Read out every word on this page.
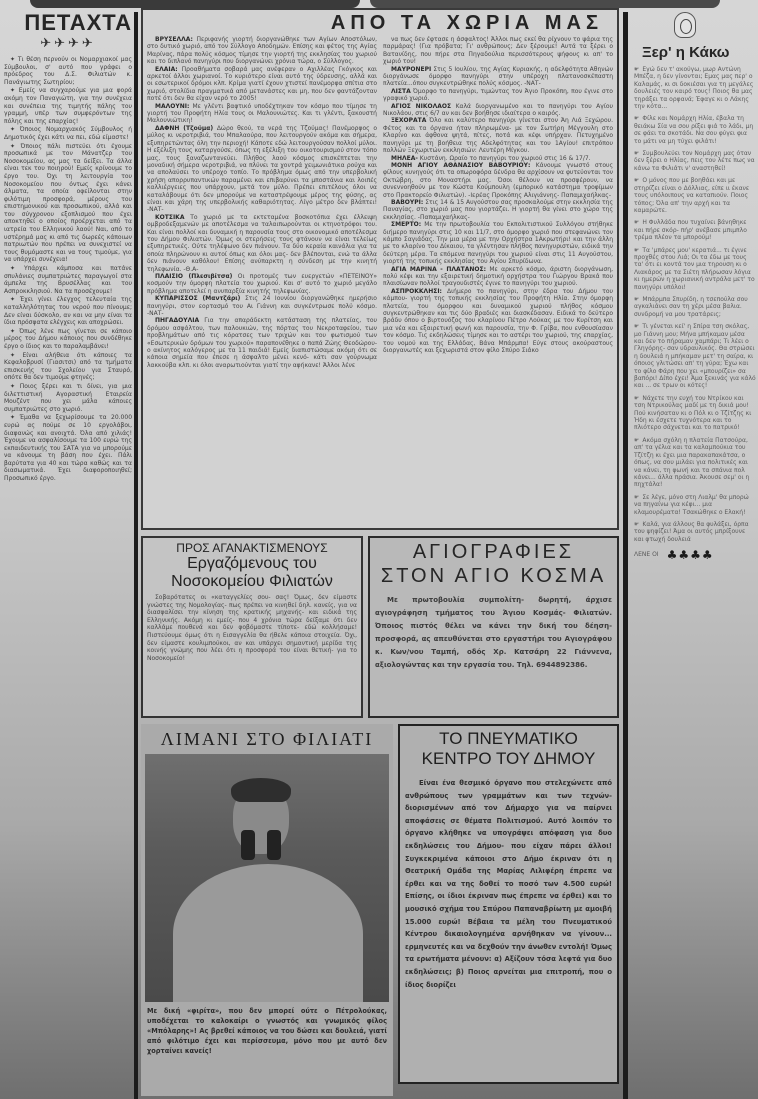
ΠΕΤΑΧΤΑ
✈✈✈✈

✦ Τι θέση περνούν οι Νομαρχιακοί μας Σύμβουλοι, σ' αυτό που γράφει ο πρόεδρος του Δ.Σ. Φιλιατών κ. Πανάγιωτης Σωτηρίου;

✦ Εμείς να συγχαρούμε για μια φορά ακόμη τον Παναγιώτη, για την συνέχεια και συνέπεια της τιμητής πάλης του γραμμή, υπέρ των συμφερόντων της πόλης και της επαρχίας!

✦ Όποιος Νομαρχιακός Σύμβουλος ή Δημοτικός έχει κάτι να πει, εδώ είμαστε!

✦ Όποιος πάλι πιστεύει ότι έχουμε προσωπικά με τον Μάνατζερ του Νοσοκομείου, ας μας τα δείξει. Τα άλλα είναι τεκ του ποιηρού! Εμείς κρίνουμε το έργο του. Όχι τη λειτουργία του Νοσοκομείου που όντως έχει κάνει άλματα, τα οποία οφείλονται στην φιλότιμη προσφορά, μέρους του επιστημονικού και προσωπικού, αλλά και του σύγχρονου εξοπλισμού που έχει αποκτηθεί ο οποίος προέρχεται από τα ιατρεία του Ελληνικού λαού! Ναι, από το υστέρημά μας κι από τις δωρεές κάποιων πατριωτών που πρέπει να συνεχιστεί να τους θυμόμαστε και να τους τιμούμε, για να υπάρχει συνέχεια!

✦ Υπάρχει κάμποσα και πατάνε σπυλάνιες συμπατριώτες παραγωγοί στα άμπελα της Βρυσέλλας και του Ασπροκκλησιού. Να τα προσέχουμε!

✦ Έχει γίνει έλεγχος τελευταία της καταλληλότητας του νερού που πίνουμε; Δεν είναι δύσκολο, αν και να μην είναι τα ίδια πρόσφατα ελέγχεις και αποχρώσει.

✦ Όπως λένε πως γίνεται σε κάποιο μέρος του Δήμου κάποιος που συνδέθηκε έργο ο ίδιος και το παραλαμβάνει!

✦ Είναι αλήθεια ότι κάποιες τα Κεφαλοβρυσί (Γιασιτσι) από τα τμήματα επισκευής του Σχολείου για Σταυρό, οπότε θα δεν τιμούμε φτηνές;

✦ Ποιος ξέρει και τι δίνει, για μια διλεττιστική Αγοραστική Εταιρεία Μουζέντ που χει μάλα κάποιες συμπατριώτες στο χωριό.

✦ Έμαθα να ξεχωρίσουμε τα 20.000 ευρώ ας πούμε σε 10 εργολάβοι, διαφανώς και ανοιχτά. Όλα από χιλιάς! Έχουμε να ασφαλίσουμε τα 100 ευρώ της εκπαιδευτικής του ΣΑΤΑ για να μπορούμε να κάνουμε τη βάση που έχει. Πάλι βαρύτατα για 40 και τώρα καθώς και τα διασωματικά. Έχει διαφοροποιηθεί; Προσωπικό έργο.

ΑΠΟ ΤΑ ΧΩΡΙΑ ΜΑΣ

ΒΡΥΣΕΛΛΑ: Περιφανής γιορτή διοργανώθηκε των Αγίων Αποστόλων, στο δυτικό χωριό, από τον Σύλλογο Αποδημών. Επίσης και φέτος της Αγίας Μαρίνας, πάρα πολύς κόσμος τίμησε την γιορτή της εκκλησίας του χωριού και το διπλανό πανηγύρι που διοργανώνει χρόνια τώρα, ο Σύλλογος.

ΕΛΑΙΑ: Προαθήματα σοβαρά μας ανέφεραν ο Αχιλλέας Γκόγκος και αρκετοί άλλοι χωριανοί. Το κυριότερο είναι αυτό της ύδρευσης, αλλά και οι εσωτερικοί δρόμοι κλπ. Κρίμα γιατί έχουν χτιστεί πανέμορφα σπίτια στο χωριό, στολίδια πραγματικά από μετανάστες και μη, που δεν φαντάζονταν ποτέ ότι δεν θα είχαν νερό το 2005!

ΜΑΛΟΥΝΙ: Με γλέντι βαφτικό υποδέχτηκαν τον κόσμο που τίμησε τη γιορτή του Προφήτη Ηλία τους οι Μαλουνιώτες. Και τι γλέντι, ξακουστή Μαλουνιώτικη!

ΔΑΦΝΗ (Τζούμα) Δώρο θεού, τα νερά της Τζούμας! Πανέμορφος ο μύλος κι νεροτριβιά, του Μπαλαούρα, που λειτουργούν ακόμα και σήμερα, εξυπηρετώντας όλη την περιοχή! Κάποτε εδώ λειτουργούσαν πολλοί μύλοι. Η εξέλιξη τους καταργούσε, όπως τη εξέλιξη του οικοτουρισμού στον τόπο μας, τους ξαναζωντανεύει. Πλήθος λαού κόσμος επισκέπτεται την μοναδική σήμερα νεροτριβιά, να πλύνει τα χοντρά χειμωνιάτικα ρούχα και να απολαύσει το υπέροχο τοπίο. Το πρόβλημα όμως από την υπερβολική χρήση απορρυπαντικών παραμένει και επιβαρύνει τα μποστάνια και λοιπές καλλιέργειες που υπάρχουν, μετά τον μύλο. Πρέπει επιτέλους όλοι να καταλάβουμε ότι δεν μπορούμε να καταστρέψουμε μέρος της φύσης, ας είναι και χάρη της υπερβολικής καθαριότητας. Λίγο μέτρο δεν βλάπτει! -ΝΑΤ-

ΚΟΤΣΙΚΑ Το χωριό με τα εκτεταμένα βοσκοτόπια έχει έλλειψη ομβροδεξαμενών με αποτέλεσμα να ταλαιπωρούνται οι κτηνοτρόφοι του. Και είναι πολλοί και δυναμική η παρουσία τους στο οικονομικό αποτέλεσμα του Δήμου Φιλιατών. Όμως οι στερήσεις τους φτάνουν να είναι τελείως εξυπηρετικές. Ούτε τηλέφωνο δεν πιάνουν. Τα δύο κεραία καινάλια για τα οποία πληρώνουν κι αυτοί όπως και όλοι μας- δεν βλέπονται, ενώ τα άλλα δεν πιάνουν καθόλου! Επίσης ανύπαρκτη η σύνδεση με την κινητή τηλεφωνία. -Θ.Α-

ΠΛΑΙΣΙΟ (Πλεσιβίτσα) Οι προτομές των ευεργετών «ΠΕΤΕΙΝΟΥ» κοσμούν την όμορφη πλατεία του χωριού. Και σ' αυτό το χωριό μεγάλο πρόβλημα αποτελεί η ανυπαρξία κινητής τηλεφωνίας.

ΚΥΠΑΡΙΣΣΟΣ (Μαντζάρι) Στις 24 Ιουνίου διοργανώθηκε ημερήσιο πανηγύρι, στον εορτασμό του Αι Γιάννη και συγκέντρωσε πολύ κόσμο. -ΝΑΤ-

ΠΗΓΑΔΟΥΛΙΑ Για την απαράδεκτη κατάσταση της πλατείας, του δρόμου ασφάλτου, των παλουκιών, της πόρτας του Νεκροταφείου, των προβλημάτων από τις κόρατσες των τριχών και του φωτισμού των «Εσωτερικών δρόμων του χωριού» παραπονέθηκε ο παπά Ζώης Θεοδώρου- ο ακίνητος καλόγερος με τα 11 παιδιά! Εμείς διαπιστώσαμε ακόμη ότι σε κάποια σημεία που έπεσε η άσφαλτο μένει κενό- κάτι σαν γούρνωμα λακκούβα κλπ. κι όλοι αναρωτιούνται γιατί την αφήκανε! Άλλοι λένε

να πως δεν έφτασε η άσφαλτος! Άλλοι πως εκεί θα ρίχνουν το ψάρια της παρμάρας! (Για πρόβατα; Γι' ανθρώπους; Δεν ξέρουμε! Αυτά τα ξέρει ο Βατανίδης, που πήρε στα Πηγαδούλια περισσότερους ψήφους κι απ' το χωριό του!

ΜΑΥΡΟΝΕΡΙ Στις 5 Ιουλίου, της Αγίας Κυριακής, η αδελφότητα Αθηνών διοργάνωσε όμορφο πανηγύρι στην υπέροχη πλατανοσκέπαστη πλατεία...όπου συγκεντρώθηκε πολύς κόσμος. -ΝΑΤ-

ΛΙΣΤΑ Όμορφο το πανηγύρι, τιμώντας τον Άγιο Προκόπη, που έγινε στο γραφικό χωριό.

ΑΓΙΟΣ ΝΙΚΟΛΑΟΣ Καλά διοργανωμένο και το πανηγύρι του Αγίου Νικολάου, στις 6/7 αν και δεν βοήθησε ιδιαίτερα ο καιρός.

ΞΕΧΟΡΑΤΑ Όλο και καλύτερο πανηγύρι γίνεται στον Άη Λιά Ξεχώρου. Φέτος και τα όργανα ήταν πληρωμένα- με τον Σωτήρη Μέγγουλη στο Κλαρίνο και άφθονα ψητά, πίτες, ποτά και κέφι υπήρχαν. Πετυχημένο πανηγύρι με τη βοήθεια της Αδελφότητας και του 1Αγίου! επιτρόπου πολλών Ξεχωριτών εκκλησιών: Λευτέρη Μίγκου.

ΜΗΛΕΑ- Κυστάνη. Ωραίο το πανηγύρι του χωριού στις 16 & 17/7.

ΜΟΝΗ ΑΓΙΟΥ ΑΘΑΝΑΣΙΟΥ ΒΑΒΟΥΡΙΟΥ: Κάνουμε γνωστό στους φίλους κυνηγούς ότι τα οπωροφόρα δένδρα θα αρχίσουν να φυτεύονται τον Οκτώβρη, στο Μοναστήρι μας. Όσοι θέλουν να προσφέρουν, να συνεννοηθούν με τον Κώστα Κούμπουλη (εμπορικό κατάστημα τροφίμων στο Πρακτορείο Φιλιατών). -Ιερέας Προκόπης Αλιγιάννης- Παπαμιχαήλκας-

ΒΑΒΟΥΡΙ: Στις 14 & 15 Αυγούστου σας προσκαλούμε στην εκκλησία της Παναγίας, στο χωριό μας που γιορτάζει. Η γιορτή θα γίνει στο χώρο της εκκλησίας. -Παπαμιχαήλκας-

ΣΜΕΡΤΟ: Με την πρωτοβουλία του Εκπολιτιστικού Συλλόγου στήθηκε διήμερο πανηγύρι στις 10 και 11/7, στο όμορφο χωριό που στεφανώνει τον κάμπο Σαγιάδας. Την μια μέρα με την Ορχήστρα 1Ακρωτήρι! και την άλλη με το κλαρίνο του Δίκαιου, τα γλέντησαν πλήθος πανηγυριστών, ειδικά την δεύτερη μέρα. Τα επόμενα πανηγύρι του χωριού είναι στις 11 Αυγούστου, γιορτή της τοπικής εκκλησίας του Αγίου Σπυρίδωνα.

ΑΓΙΑ ΜΑΡΙΝΑ - ΠΛΑΤΑΝΟΣ: Με αρκετό κόσμο, άριστη διοργάνωση, πολύ κέφι και την εξαιρετική δημοτική ορχήστρα του Γιώργου Βρακά που πλαισίωναν πολλοί τραγουδιστές έγινε το πανηγύρι του χωριού.

ΑΣΠΡΟΚΚΛΗΣΙ: Διήμερο το πανηγύρι, στην έδρα του Δήμου του κάμπου- γιορτή της τοπικής εκκλησίας του Προφήτη Ηλία. Στην όμορφη πλατεία, του όμορφου και δυναμικού χωριού πλήθος κόσμου συγκεντρώθηκαν και τις δύο βραδιές και διασκέδασαν. Ειδικά το δεύτερο βράδυ όπου ο βιρτουόζος του κλαρίνου Πέτρο Λούκας με τον Κυρίτση και μια νέα και εξαιρετική φωνή και παρουσία, την Φ. Γρίβα, που ενθουσίασαν τον κόσμο. Τις εκδηλώσεις τίμησε και το αστέρι του χωριού, της επαρχίας, του νομού και της Ελλάδας, Βάνα Μπάρμπα! Εύγε στους ακούραστους διοργανωτές και ξεχωριστά στον φίλο Σπύρο Σιάκο

Ξερ' η Κάκω

☛ Εγώ δεν τ' ακούγω, μωρ Αντώνη Μπέζα, η δεν γίνονται; Εμας μας περ' ο Καλαμάς, κι σι δοκιέσαι για τη μεγάλες δουλειές τον καιρό τους! Ποιος θα μας τηράξει τα ορφανά; Έφαγε κι ο Λάκης την κότα...

☛ Φίλε και Νομάρχη Ηλία, έβαλα τη θειάκω Σία να σου ρίξει φιά το λάδι, μη σε φάει τα σκοτάδι. Να σου φύγει φια το μάτι να μη τύχει φιλάτι!

☛ Συμβουλεύει τον Νομάρχη μας όταν δεν ξέρει ο Ηλίας, πεις του λέτε πως να κάνω τα Φιλιάτι ν' αναστηθεί!

☛ Ο μόνος που με βοηθάει και με στηρίζει είναι ο Δόλλιας, είπε ιι έκανε τους υπόλοιπους να καταπιούν. Ποιος τόπος; Όλα απ' την αρχή και τα καμαρώτε.

☛ Η Φυλλάδα που τυχαίνει βάνηθηκε και πήρε σκόρ- πήρ' ανέβασε μπιμπλο τρέμα πλέον τα μπορούμ!

☛ Τα 'μπάρες μου' κερατιά... τι έγινε προχθές στου Λιά; Οι τα έδω με τους τα' ότι ει κοντά τον μια τηρουση κι ο Λιακάρος με τα Σιέτη πλήρωσαν λόγια κι ημερών η χωριανική αντράλα μετ' το πανηγύρι υπόλοι!

☛ Μπάρμπα Σπυρίδη, η τσεπούλα σου αγκαλιάνει σαν τη χέρι μέσα βαλια. συνδρομή να μου τρατάρεις;

☛ Τι γένεται κεί' η Σπίρα τση σκόλας, μο Γιάννη μου; Μήνα μπήκαμαν μέσα και δεν το πήραμαν χαμπάρι; Τι λέει ο Γληγόρης- σαν υδραυλικός. Θα στρώσει η δουλειά η μπήκαμαν μετ' τη σαίρα, κι όποιος γλιτώσει απ' τη γύρα; Έχω και το φίλο Φάρη που χει «μπουρίζει» σα βαπόρι! Δίπο έχει! Άμα ξεκινάς για κάλό και ... σε τρων οι κότες!

☛ Νάχετε την ευχή του Ντρίκου και τση Ντρικούλας μαδί με τη δικιά μου! Πού κινήσαταν κι ο Πόλ κι ο Τζίτζης κι Ήδη κι έσχετε τυχνότερα και το πλιότερο σάχνεται και το πατρικό!

☛ Ακόμα σχόλη η πλατεία Πατσούρα, απ' τα γέλια και τα καλαμπούκια του Τζίτζη κι έχει μια παρακαπακάτσα, ο όπως, να σου μιλάει για πολιτικές και να κάνει, τη φωνή και τα σπάνια πολ κάνει... άλλα πράσια. Άκουσε σεμ' οι η πηχτάλα!

☛ Σε λέγε, μόνο στη Λιαλμ' θα μπορώ να πηγαίνω για κέφι... μια κλαμουρέματα! Τσακώθηκε ο Ελακή!

☛ Καλά, για άλλους θα φυλάξει, όρπα του ψηφίζει! Άμα οι αυτός μπρίξουνε και φτωχή δουλειά

ΛΕΝΕ ΟΙ ♣♣♣♣
ΠΡΟΣ ΑΓΑΝΑΚΤΙΣΜΕΝΟΥΣ
Εργαζόμενους του
Νοσοκομείου Φιλιατών
Σοβαρότατες οι «καταγγελίες σου- σας! Όμως, δεν είμαστε γνώστες της Νομολογίας- πως πρέπει να κινηθεί δηλ. κανείς, για να διασφαλίσει την κίνηση της κρατικής μηχανής- και ειδικά της Ελληνικής. Ακόμη κι εμείς- που 4 χρόνια τώρα δείξαμε ότι δεν καλλάμε πουθενά και δεν φοβόμαστε τίποτε- εδώ κολλήσαμε! Πιστεύουμε όμως ότι η Εισαγγελία θα ήθελε κάποια στοιχεία. Όχι, δεν είμαστε κουλιμπούκοι, αν και υπάρχει σημαντική μερίδα της κοινής γνώμης που λέει ότι η προσφορά του είναι θετική- για το Νοσοκομείο!
ΑΓΙΟΓΡΑΦΙΕΣ
ΣΤΟΝ ΑΓΙΟ ΚΟΣΜΑ
Με πρωτοβουλία συμπολίτη- δωρητή, άρχισε αγιογράφηση τμήματος του Άγιου Κοσμάς- Φιλιατών. Όποιος πιστός θέλει να κάνει την δική του δέηση- προσφορά, ας απευθύνεται στο εργαστήρι του Αγιογράφου κ. Κων/νου Ταμπή, οδός Χρ. Κατσάρη 22 Γιάννενα, αξιολογώντας και την εργασία του. Τηλ. 6944892386.
ΛΙΜΑΝΙ ΣΤΟ ΦΙΛΙΑΤΙ
Με δική «φιρίτα», που δεν μπορεί ούτε ο Πέτρολούκας, υποδέχεται το καλοκαίρι ο γνωστός και γνωμικός φίλος «Μπόλαρης»! Ας βρεθεί κάποιος να του δώσει και δουλειά, γιατί από φιλότιμο έχει και περίσσευμα, μόνο που με αυτό δεν χορταίνει κανείς!
ΤΟ ΠΝΕΥΜΑΤΙΚΟ
ΚΕΝΤΡΟ ΤΟΥ ΔΗΜΟΥ
Είναι ένα θεσμικό όργανο που στελεχώνετε από ανθρώπους των γραμμάτων και των τεχνών- διορισμένων από τον Δήμαρχο για να παίρνει αποφάσεις σε θέματα Πολιτισμού. Αυτό λοιπόν το όργανο κλήθηκε να υπογράψει απόφαση για δυο εκδηλώσεις του Δήμου- που είχαν πάρει άλλοι! Συγκεκριμένα κάποιοι στο Δήμο έκριναν ότι η Θεατρική Ομάδα της Μαρίας Λιλιφέρη έπρεπε να έρθει και να της δοθεί το ποσό των 4.500 ευρώ! Επίσης, οι ίδιοι έκριναν πως έπρεπε να έρθει) και το μουσικό σχήμα του Σπύρου Παπαναβρίωτη με αμοιβή 15.000 ευρώ! Βέβαια τα μέλη του Πνευματικού Κέντρου δικαιολογημένα αρνήθηκαν να γίνουν... ερμηνευτές και να δεχθούν την άνωθεν εντολή! Όμως τα ερωτήματα μένουν: α) Αξίζουν τόσα λεφτά για δυο εκδηλώσεις; β) Ποιος αρνείται μια επιτροπή, που ο ίδιος διορίζει
